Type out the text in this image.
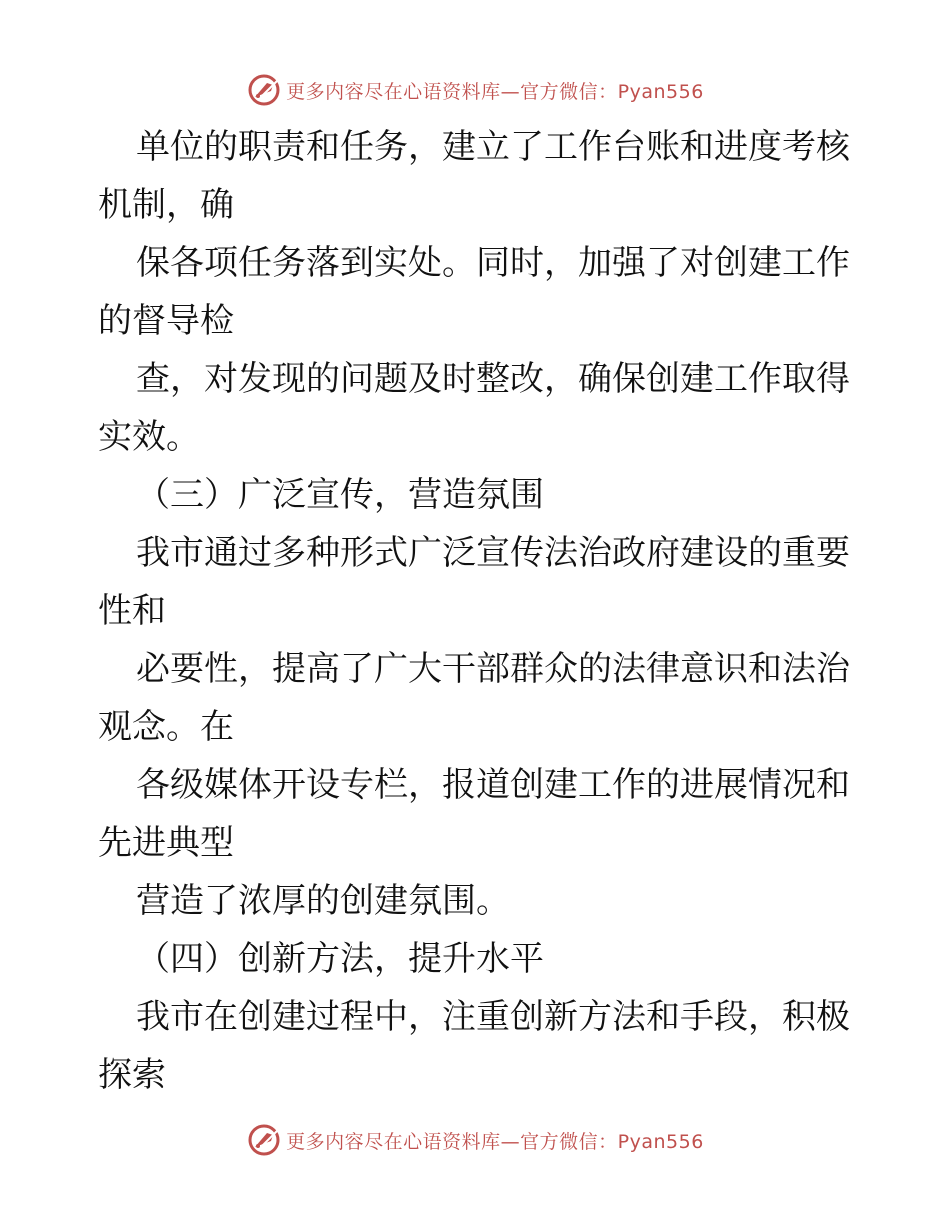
更多内容尽在心语资料库—官方微信：Pyan556
单位的职责和任务，建立了工作台账和进度考核
机制，确
保各项任务落到实处。同时，加强了对创建工作
的督导检
查，对发现的问题及时整改，确保创建工作取得
实效。
（三）广泛宣传，营造氛围
我市通过多种形式广泛宣传法治政府建设的重要
性和
必要性，提高了广大干部群众的法律意识和法治
观念。在
各级媒体开设专栏，报道创建工作的进展情况和
先进典型
营造了浓厚的创建氛围。
（四）创新方法，提升水平
我市在创建过程中，注重创新方法和手段，积极
探索
更多内容尽在心语资料库—官方微信：Pyan556
